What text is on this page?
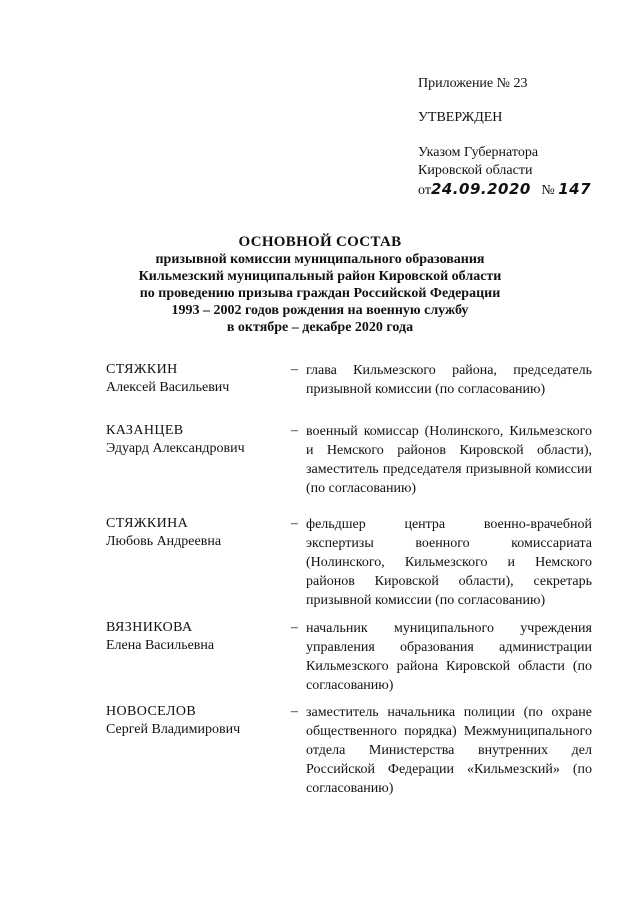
Приложение № 23
УТВЕРЖДЕН
Указом Губернатора
Кировской области
от24.09.2020 № 147
ОСНОВНОЙ СОСТАВ
призывной комиссии муниципального образования
Кильмезский муниципальный район Кировской области
по проведению призыва граждан Российской Федерации
1993 – 2002 годов рождения на военную службу
в октябре – декабре 2020 года
СТЯЖКИН
Алексей Васильевич
– глава Кильмезского района, председатель призывной комиссии (по согласованию)
КАЗАНЦЕВ
Эдуард Александрович
– военный комиссар (Нолинского, Кильмезского и Немского районов Кировской области), заместитель председателя призывной комиссии (по согласованию)
СТЯЖКИНА
Любовь Андреевна
– фельдшер центра военно-врачебной экспертизы военного комиссариата (Нолинского, Кильмезского и Немского районов Кировской области), секретарь призывной комиссии (по согласованию)
ВЯЗНИКОВА
Елена Васильевна
– начальник муниципального учреждения управления образования администрации Кильмезского района Кировской области (по согласованию)
НОВОСЕЛОВ
Сергей Владимирович
– заместитель начальника полиции (по охране общественного порядка) Межмуниципального отдела Министерства внутренних дел Российской Федерации «Кильмезский» (по согласованию)
